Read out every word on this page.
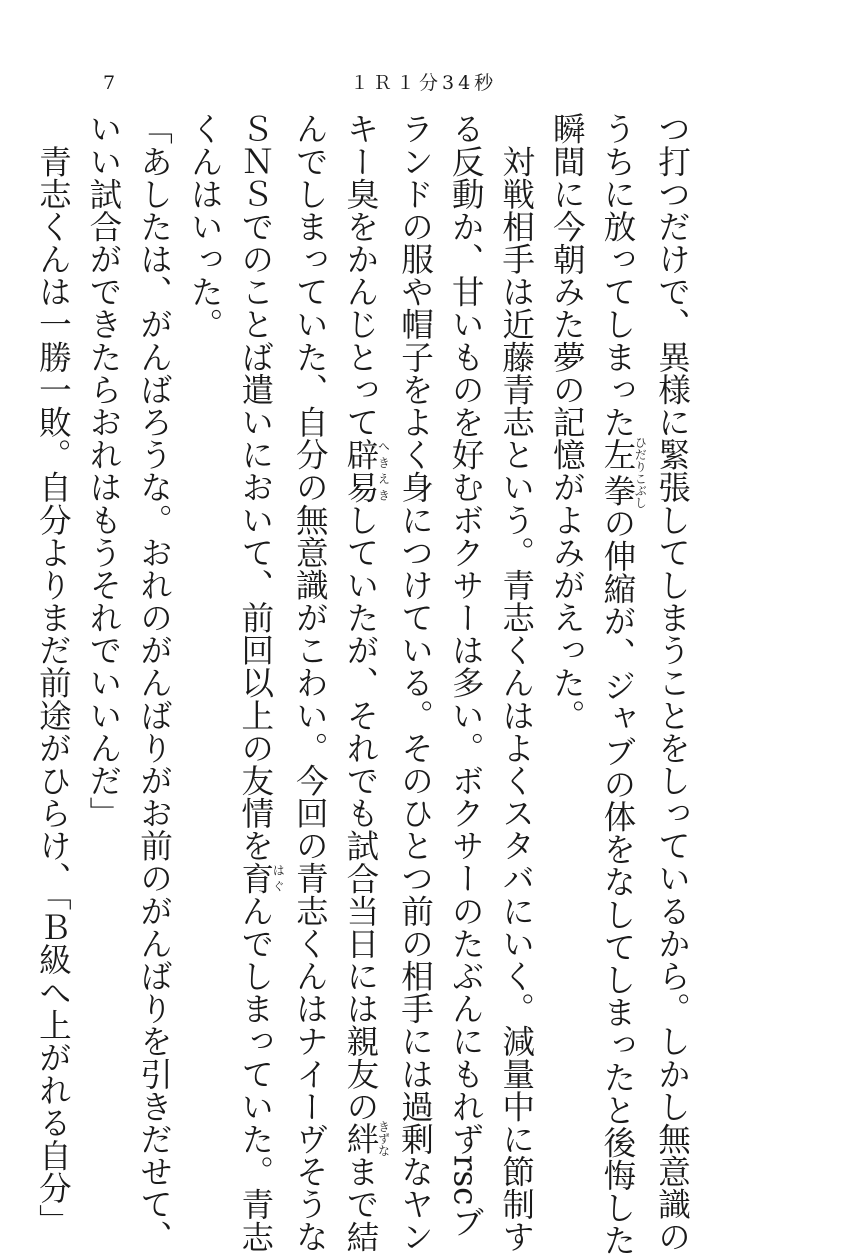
7	１Ｒ１分34秒
つ打つだけで、異様に緊張してしまうことをしっているから。しかし無意識の
うちに放ってしまった左拳ひだりこぶしの伸縮が、ジャブの体をなしてしまったと後悔した
瞬間に今朝みた夢の記憶がよみがえった。
　対戦相手は近藤青志という。青志くんはよくスタバにいく。減量中に節制す
る反動か、甘いものを好むボクサーは多い。ボクサーのたぶんにもれずrscブ
ランドの服や帽子をよく身につけている。そのひとつ前の相手には過剰なヤン
キー臭をかんじとって辟易へきえきしていたが、それでも試合当日には親友の絆きずなまで結
んでしまっていた、自分の無意識がこわい。今回の青志くんはナイーヴそうな
ＳＮＳでのことば遣いにおいて、前回以上の友情を育はぐんでしまっていた。青志
くんはいった。
「あしたは、がんばろうな。おれのがんばりがお前のがんばりを引きだせて、
いい試合ができたらおれはもうそれでいいんだ」
　青志くんは一勝一敗。自分よりまだ前途がひらけ、「Ｂ級へ上がれる自分」
